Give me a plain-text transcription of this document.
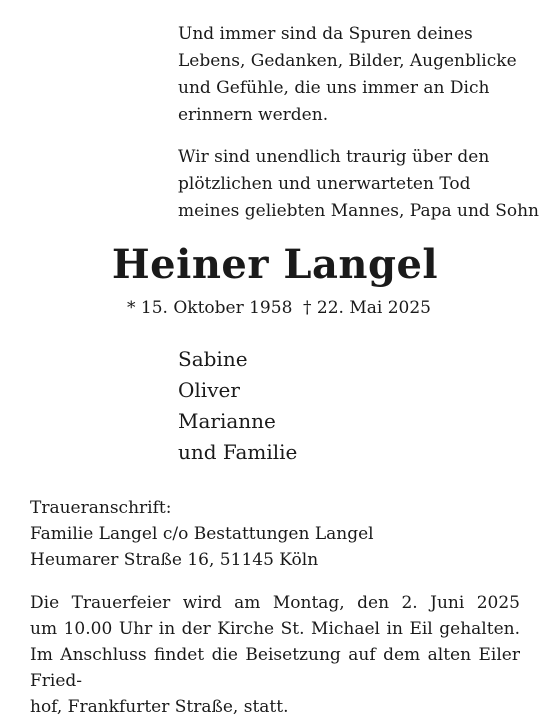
Und immer sind da Spuren deines
Lebens, Gedanken, Bilder, Augenblicke
und Gefühle, die uns immer an Dich
erinnern werden.
Wir sind unendlich traurig über den
plötzlichen und unerwarteten Tod
meines geliebten Mannes, Papa und Sohn
Heiner Langel
* 15. Oktober 1958 † 22. Mai 2025
Sabine
Oliver
Marianne
und Familie
Traueranschrift:
Familie Langel c/o Bestattungen Langel
Heumarer Straße 16, 51145 Köln
Die Trauerfeier wird am Montag, den 2. Juni 2025
um 10.00 Uhr in der Kirche St. Michael in Eil gehalten.
Im Anschluss findet die Beisetzung auf dem alten Eiler Fried-
hof, Frankfurter Straße, statt.
